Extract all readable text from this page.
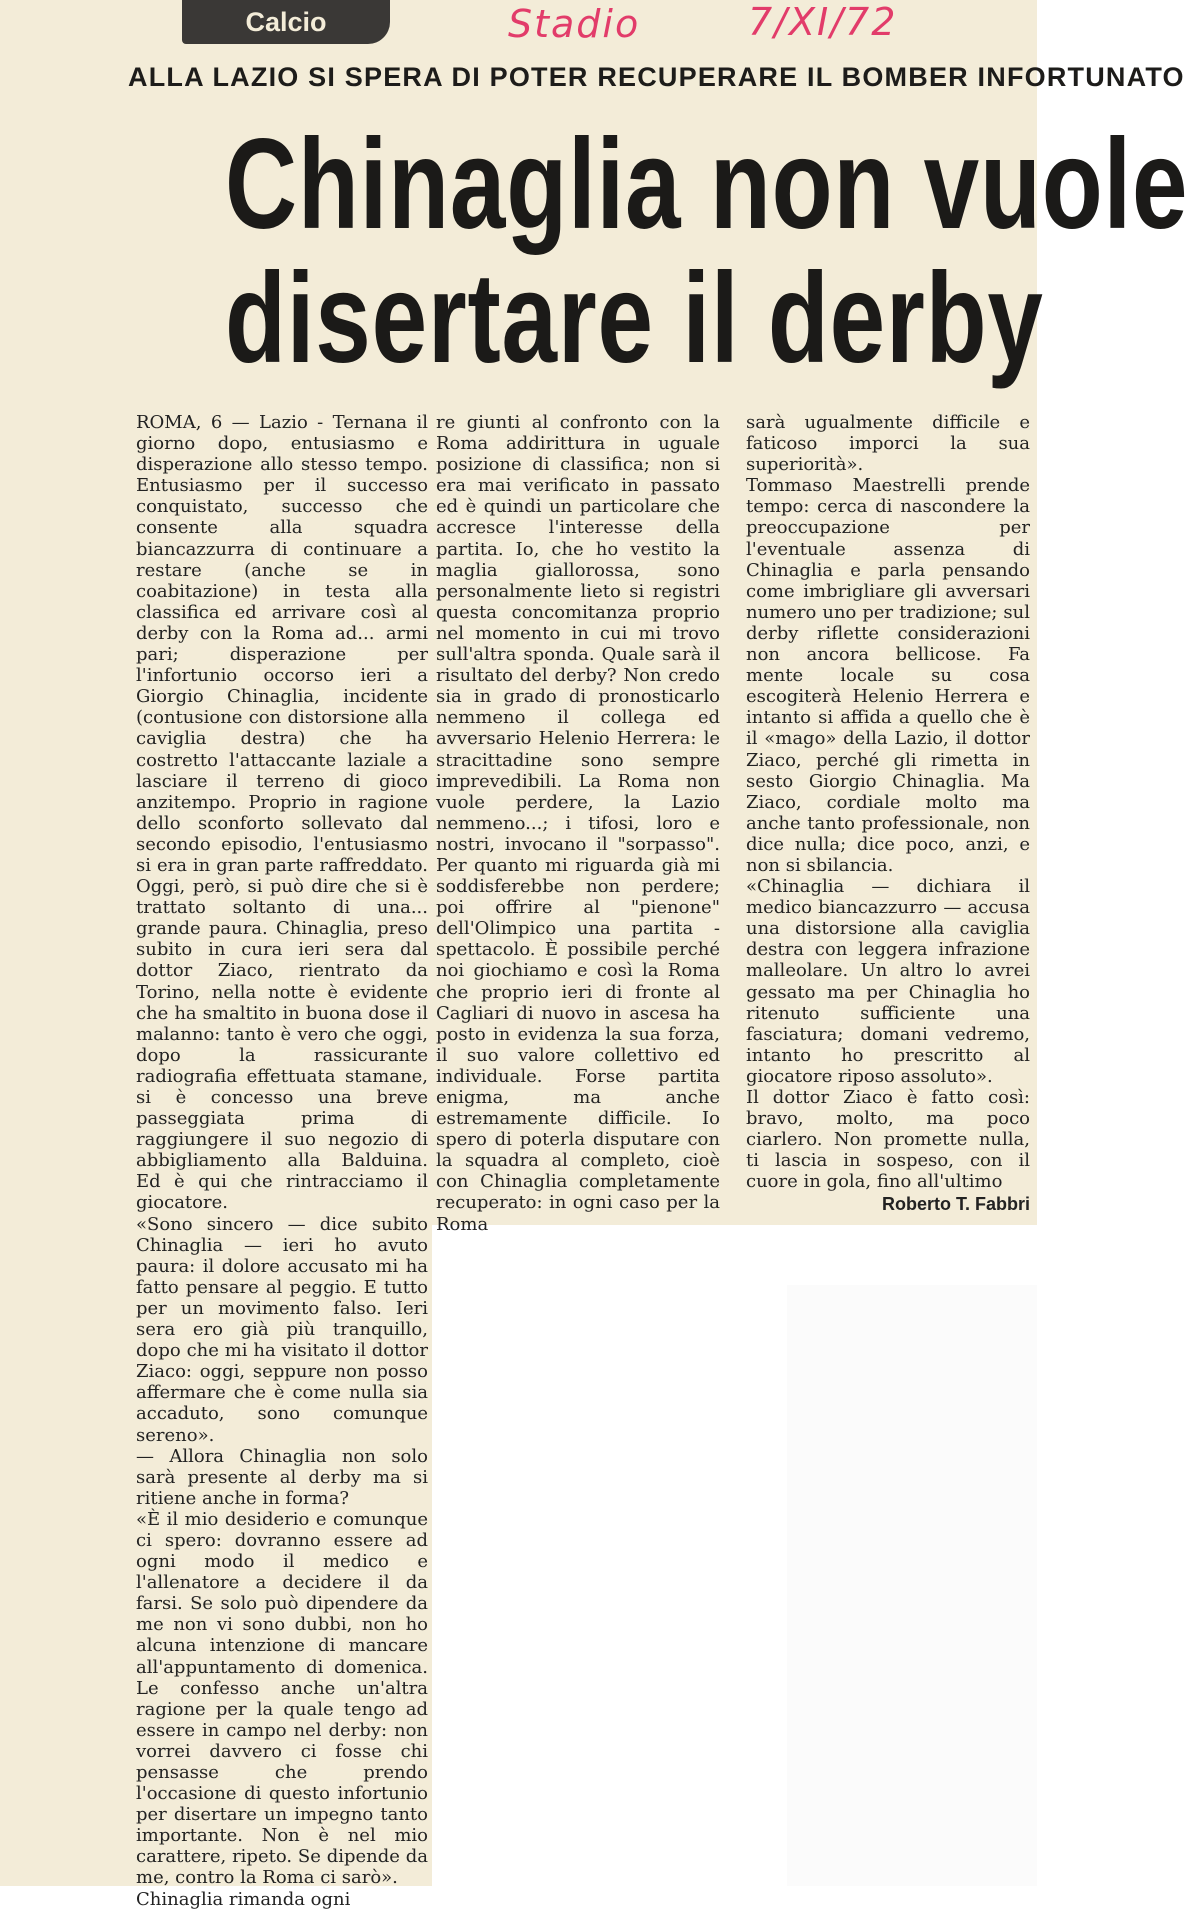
Calcio	Stadio	7/XI/72
ALLA LAZIO SI SPERA DI POTER RECUPERARE IL BOMBER INFORTUNATO
Chinaglia non vuole
disertare il derby

ROMA, 6 — Lazio - Ternana il giorno dopo, entusiasmo e disperazione allo stesso tempo. Entusiasmo per il successo conquistato, successo che consente alla squadra biancazzurra di continuare a restare (anche se in coabitazione) in testa alla classifica ed arrivare così al derby con la Roma ad... armi pari; disperazione per l'infortunio occorso ieri a Giorgio Chinaglia, incidente (contusione con distorsione alla caviglia destra) che ha costretto l'attaccante laziale a lasciare il terreno di gioco anzitempo. Proprio in ragione dello sconforto sollevato dal secondo episodio, l'entusiasmo si era in gran parte raffreddato. Oggi, però, si può dire che si è trattato soltanto di una... grande paura. Chinaglia, preso subito in cura ieri sera dal dottor Ziaco, rientrato da Torino, nella notte è evidente che ha smaltito in buona dose il malanno: tanto è vero che oggi, dopo la rassicurante radiografia effettuata stamane, si è concesso una breve passeggiata prima di raggiungere il suo negozio di abbigliamento alla Balduina. Ed è qui che rintracciamo il giocatore.

«Sono sincero — dice subito Chinaglia — ieri ho avuto paura: il dolore accusato mi ha fatto pensare al peggio. E tutto per un movimento falso. Ieri sera ero già più tranquillo, dopo che mi ha visitato il dottor Ziaco: oggi, seppure non posso affermare che è come nulla sia accaduto, sono comunque sereno».

— Allora Chinaglia non solo sarà presente al derby ma si ritiene anche in forma?

«È il mio desiderio e comunque ci spero: dovranno essere ad ogni modo il medico e l'allenatore a decidere il da farsi. Se solo può dipendere da me non vi sono dubbi, non ho alcuna intenzione di mancare all'appuntamento di domenica. Le confesso anche un'altra ragione per la quale tengo ad essere in campo nel derby: non vorrei davvero ci fosse chi pensasse che prendo l'occasione di questo infortunio per disertare un impegno tanto importante. Non è nel mio carattere, ripeto. Se dipende da me, contro la Roma ci sarò».

Chinaglia rimanda ogni

re giunti al confronto con la Roma addirittura in uguale posizione di classifica; non si era mai verificato in passato ed è quindi un particolare che accresce l'interesse della partita. Io, che ho vestito la maglia giallorossa, sono personalmente lieto si registri questa concomitanza proprio nel momento in cui mi trovo sull'altra sponda. Quale sarà il risultato del derby? Non credo sia in grado di pronosticarlo nemmeno il collega ed avversario Helenio Herrera: le stracittadine sono sempre imprevedibili. La Roma non vuole perdere, la Lazio nemmeno...; i tifosi, loro e nostri, invocano il "sorpasso". Per quanto mi riguarda già mi soddisferebbe non perdere; poi offrire al "pienone" dell'Olimpico una partita - spettacolo. È possibile perché noi giochiamo e così la Roma che proprio ieri di fronte al Cagliari di nuovo in ascesa ha posto in evidenza la sua forza, il suo valore collettivo ed individuale. Forse partita enigma, ma anche estremamente difficile. Io spero di poterla disputare con la squadra al completo, cioè con Chinaglia completamente recuperato: in ogni caso per la Roma

sarà ugualmente difficile e faticoso imporci la sua superiorità».

Tommaso Maestrelli prende tempo: cerca di nascondere la preoccupazione per l'eventuale assenza di Chinaglia e parla pensando come imbrigliare gli avversari numero uno per tradizione; sul derby riflette considerazioni non ancora bellicose. Fa mente locale su cosa escogiterà Helenio Herrera e intanto si affida a quello che è il «mago» della Lazio, il dottor Ziaco, perché gli rimetta in sesto Giorgio Chinaglia. Ma Ziaco, cordiale molto ma anche tanto professionale, non dice nulla; dice poco, anzi, e non si sbilancia.

«Chinaglia — dichiara il medico biancazzurro — accusa una distorsione alla caviglia destra con leggera infrazione malleolare. Un altro lo avrei gessato ma per Chinaglia ho ritenuto sufficiente una fasciatura; domani vedremo, intanto ho prescritto al giocatore riposo assoluto».

Il dottor Ziaco è fatto così: bravo, molto, ma poco ciarlero. Non promette nulla, ti lascia in sospeso, con il cuore in gola, fino all'ultimo

Roberto T. Fabbri
